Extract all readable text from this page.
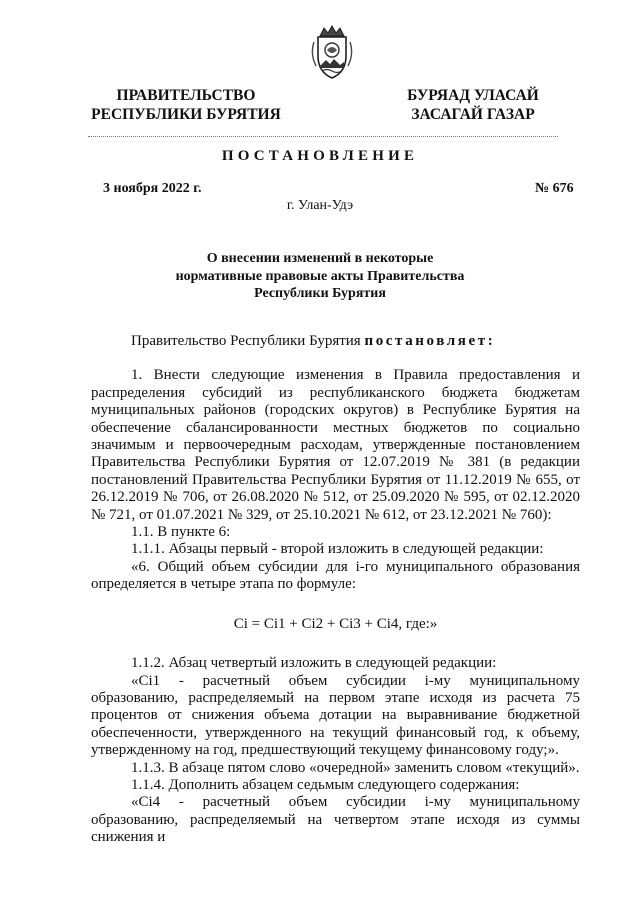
ПРАВИТЕЛЬСТВО
РЕСПУБЛИКИ БУРЯТИЯ
БУРЯАД УЛАСАЙ
ЗАСАГАЙ ГАЗАР
ПОСТАНОВЛЕНИЕ
3 ноября 2022 г.	№ 676
г. Улан-Удэ
О внесении изменений в некоторые
нормативные правовые акты Правительства
Республики Бурятия

Правительство Республики Бурятия постановляет:

1. Внести следующие изменения в Правила предоставления и распределения субсидий из республиканского бюджета бюджетам муниципальных районов (городских округов) в Республике Бурятия на обеспечение сбалансированности местных бюджетов по социально значимым и первоочередным расходам, утвержденные постановлением Правительства Республики Бурятия от 12.07.2019 № 381 (в редакции постановлений Правительства Республики Бурятия от 11.12.2019 № 655, от 26.12.2019 № 706, от 26.08.2020 № 512, от 25.09.2020 № 595, от 02.12.2020 № 721, от 01.07.2021 № 329, от 25.10.2021 № 612, от 23.12.2021 № 760):

1.1. В пункте 6:

1.1.1. Абзацы первый - второй изложить в следующей редакции:

«6. Общий объем субсидии для i-го муниципального образования определяется в четыре этапа по формуле:

Ci = Ci1 + Ci2 + Ci3 + Ci4, где:»

1.1.2. Абзац четвертый изложить в следующей редакции:

«Ci1 - расчетный объем субсидии i-му муниципальному образованию, распределяемый на первом этапе исходя из расчета 75 процентов от снижения объема дотации на выравнивание бюджетной обеспеченности, утвержденного на текущий финансовый год, к объему, утвержденному на год, предшествующий текущему финансовому году;».

1.1.3. В абзаце пятом слово «очередной» заменить словом «текущий».

1.1.4. Дополнить абзацем седьмым следующего содержания:

«Ci4 - расчетный объем субсидии i-му муниципальному образованию, распределяемый на четвертом этапе исходя из суммы снижения и
